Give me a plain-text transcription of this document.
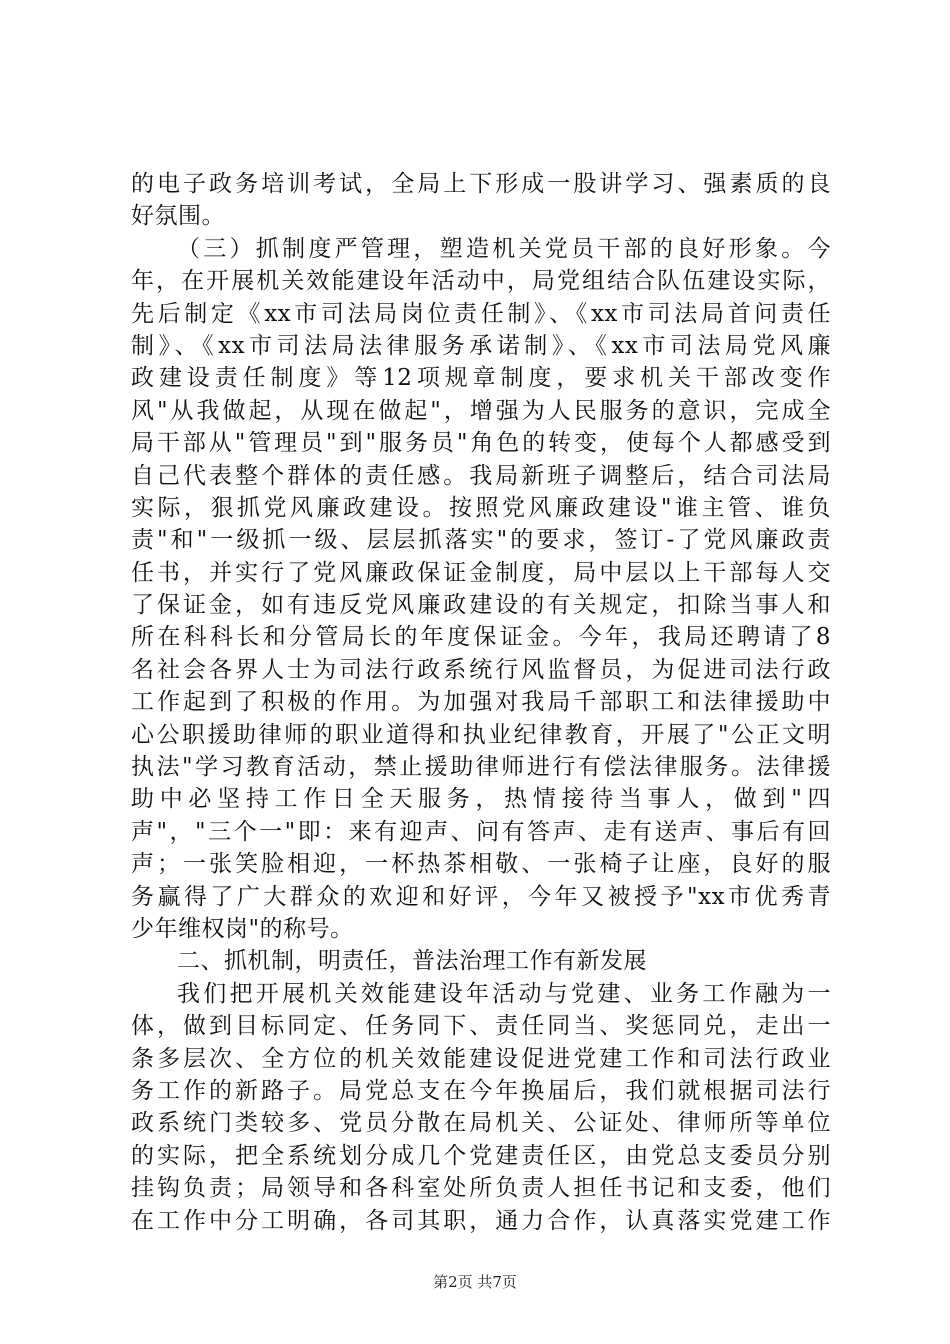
的电子政务培训考试，全局上下形成一股讲学习、强素质的良
好氛围。
（三）抓制度严管理，塑造机关党员干部的良好形象。今
年，在开展机关效能建设年活动中，局党组结合队伍建设实际，
先后制定《xx市司法局岗位责任制》、《xx市司法局首问责任
制》、《xx市司法局法律服务承诺制》、《xx市司法局党风廉
政建设责任制度》等12项规章制度，要求机关干部改变作
风"从我做起，从现在做起"，增强为人民服务的意识，完成全
局干部从"管理员"到"服务员"角色的转变，使每个人都感受到
自己代表整个群体的责任感。我局新班子调整后，结合司法局
实际，狠抓党风廉政建设。按照党风廉政建设"谁主管、谁负
责"和"一级抓一级、层层抓落实"的要求，签订-了党风廉政责
任书，并实行了党风廉政保证金制度，局中层以上干部每人交
了保证金，如有违反党风廉政建设的有关规定，扣除当事人和
所在科科长和分管局长的年度保证金。今年，我局还聘请了8
名社会各界人士为司法行政系统行风监督员，为促进司法行政
工作起到了积极的作用。为加强对我局千部职工和法律援助中
心公职援助律师的职业道得和执业纪律教育，开展了"公正文明
执法"学习教育活动，禁止援助律师进行有偿法律服务。法律援
助中必坚持工作日全天服务，热情接待当事人，做到"四
声"，"三个一"即：来有迎声、问有答声、走有送声、事后有回
声；一张笑脸相迎，一杯热茶相敬、一张椅子让座，良好的服
务赢得了广大群众的欢迎和好评，今年又被授予"xx市优秀青
少年维权岗"的称号。
二、抓机制，明责任，普法治理工作有新发展
我们把开展机关效能建设年活动与党建、业务工作融为一
体，做到目标同定、任务同下、责任同当、奖惩同兑，走出一
条多层次、全方位的机关效能建设促进党建工作和司法行政业
务工作的新路子。局党总支在今年换届后，我们就根据司法行
政系统门类较多、党员分散在局机关、公证处、律师所等单位
的实际，把全系统划分成几个党建责任区，由党总支委员分别
挂钩负责；局领导和各科室处所负责人担任书记和支委，他们
在工作中分工明确，各司其职，通力合作，认真落实党建工作
第2页 共7页
